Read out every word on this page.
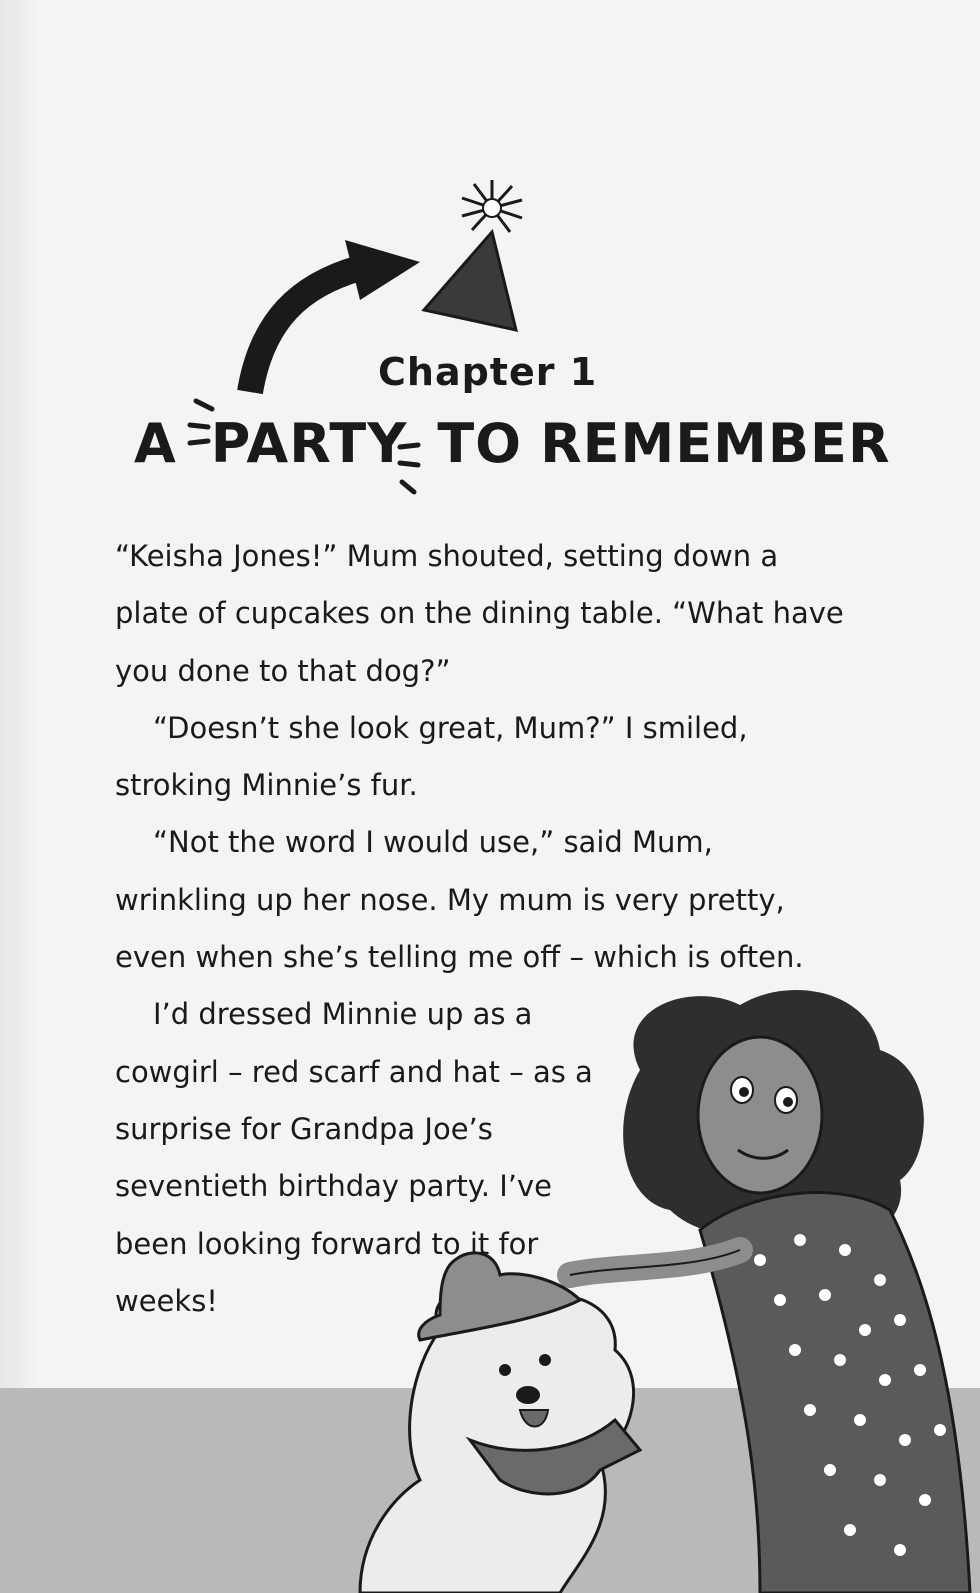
Chapter 1
A PARTY TO REMEMBER

“Keisha Jones!” Mum shouted, setting down a plate of cupcakes on the dining table. “What have you done to that dog?”

“Doesn’t she look great, Mum?” I smiled, stroking Minnie’s fur.

“Not the word I would use,” said Mum, wrinkling up her nose. My mum is very pretty, even when she’s telling me off – which is often.

I’d dressed Minnie up as a cowgirl – red scarf and hat – as a surprise for Grandpa Joe’s seventieth birthday party. I’ve been looking forward to it for weeks!
